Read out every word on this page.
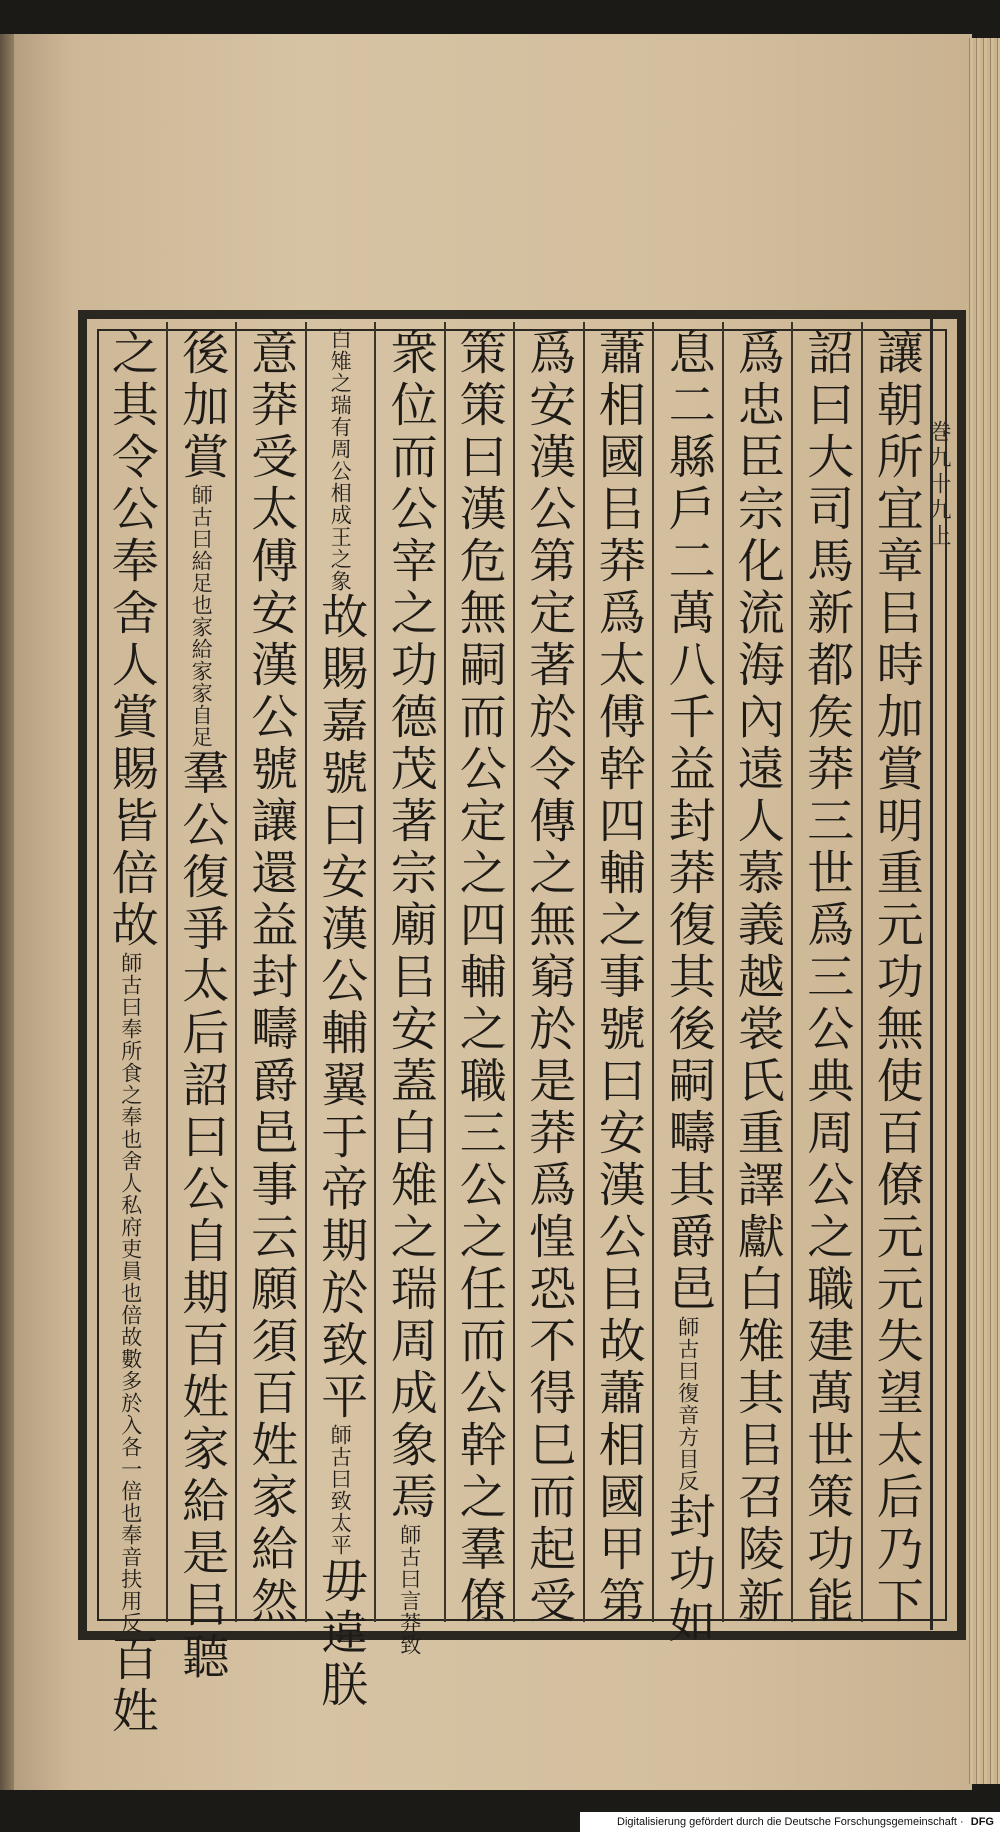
巻九十九上
讓朝所宜章㠯時加賞明重元功無使百僚元元失望太后乃下
詔曰大司馬新都矦莽三世爲三公典周公之職建萬世策功能
爲忠臣宗化流海內遠人慕義越裳氏重譯獻白雉其㠯召陵新
息二縣戶二萬八千益封莽復其後嗣疇其爵邑師古曰復音方目反封功如
蕭相國㠯莽爲太傅幹四輔之事號曰安漢公㠯故蕭相國甲第
爲安漢公第定著於令傳之無窮於是莽爲惶恐不得巳而起受
策策曰漢危無嗣而公定之四輔之職三公之任而公幹之羣僚
衆位而公宰之功德茂著宗廟㠯安蓋白雉之瑞周成象焉師古曰言莽致
白雉之瑞有周公相成王之象故賜嘉號曰安漢公輔翼于帝期於致平師古曰致太平毋違朕
意莽受太傅安漢公號讓還益封疇爵邑事云願須百姓家給然
後加賞師古曰給足也家給家家自足羣公復爭太后詔曰公自期百姓家給是㠯聽
之其令公奉舍人賞賜皆倍故師古曰奉所食之奉也舍人私府吏員也倍故數多於入各一倍也奉音扶用反百姓
Digitalisierung gefördert durch die Deutsche Forschungsgemeinschaft · DFG
